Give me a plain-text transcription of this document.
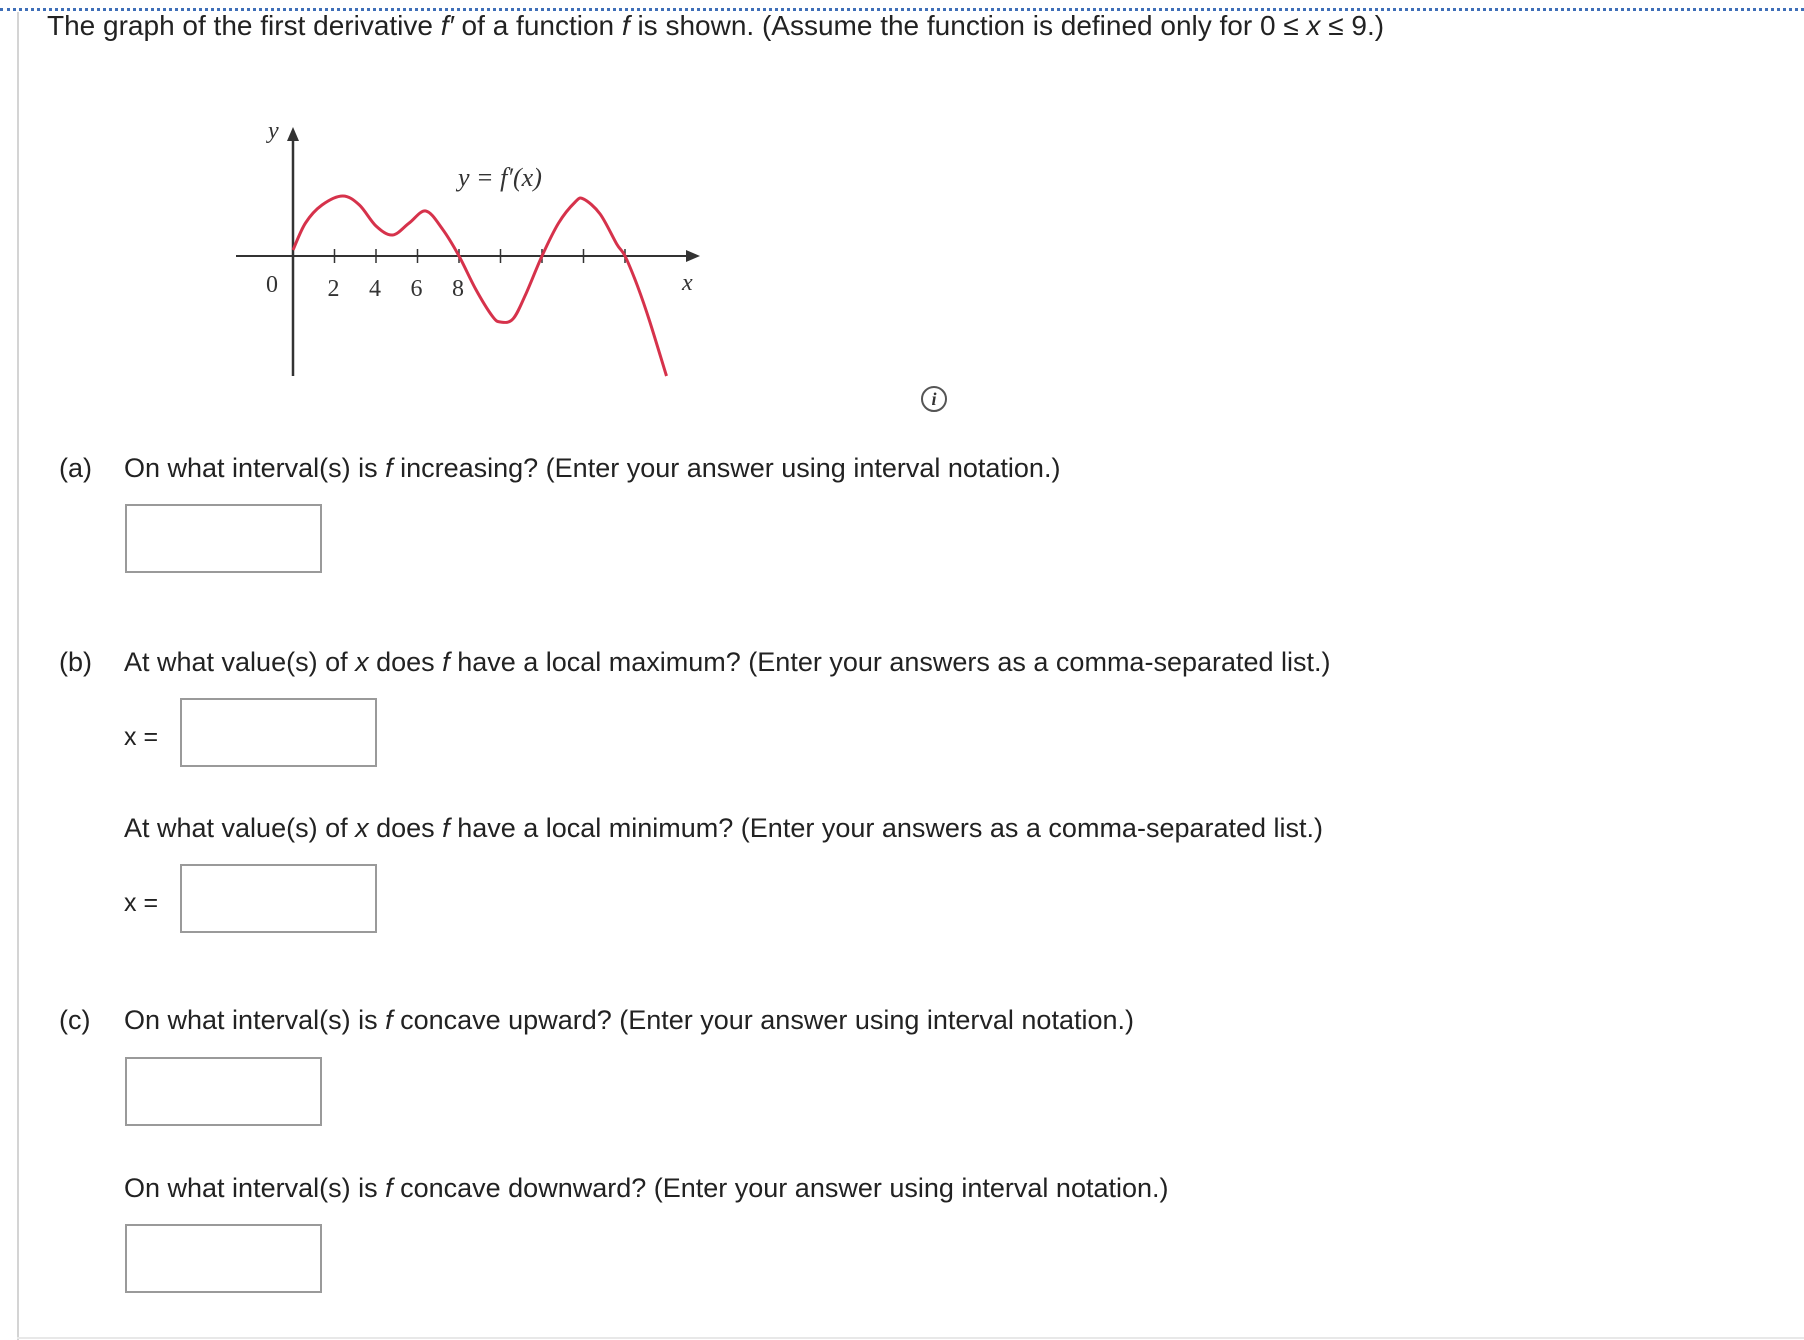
The graph of the first derivative f′ of a function f is shown. (Assume the function is defined only for 0 ≤ x ≤ 9.)
y
x
0
y = f′(x)
2 4 6 8
i
(a) On what interval(s) is f increasing? (Enter your answer using interval notation.)
(b) At what value(s) of x does f have a local maximum? (Enter your answers as a comma-separated list.)
x =
At what value(s) of x does f have a local minimum? (Enter your answers as a comma-separated list.)
x =
(c) On what interval(s) is f concave upward? (Enter your answer using interval notation.)
On what interval(s) is f concave downward? (Enter your answer using interval notation.)
